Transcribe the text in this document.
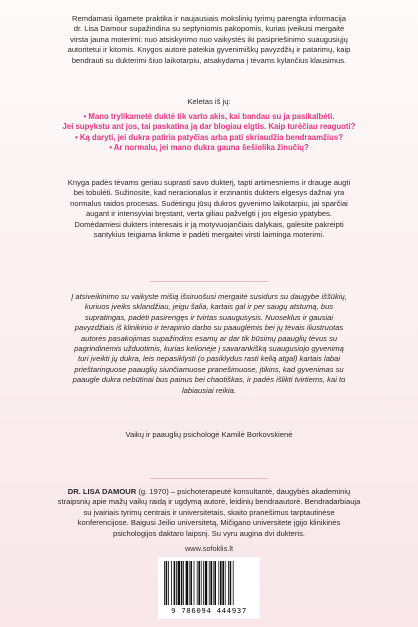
Remdamasi ilgamete praktika ir naujausiais mokslinių tyrimų parengta informacija
dr. Lisa Damour supažindina su septyniomis pakopomis, kurias įveikusi mergaitė
virsta jauna moterimi: nuo atsiskyrimo nuo vaikystės iki pasipriešinimo suaugusiųjų
autoritetui ir kitomis. Knygos autorė pateikia gyvenimiškų pavyzdžių ir patarimų, kaip
bendrauti su dukterimi šiuo laikotarpiu, atsakydama į tėvams kylančius klausimus.
Keletas iš jų:
• Mano trylikametė duktė tik varto akis, kai bandau su ja pasikalbėti.
Jei supykstu ant jos, tai paskatina ją dar blogiau elgtis. Kaip turėčiau reaguoti?
• Ką daryti, jei dukra patiria patyčias arba pati skriaudžia bendraamžius?
• Ar normalu, jei mano dukra gauna šešiolika žinučių?
Knyga padės tėvams geriau suprasti savo dukterį, tapti artimesniems ir drauge augti
bei tobulėti. Sužinosite, kad neracionalus ir erzinantis dukters elgesys dažnai yra
normalus raidos procesas. Sudėtingu jūsų dukros gyvenimo laikotarpiu, jai sparčiai
augant ir intensyviai bręstant, verta giliau pažvelgti į jos elgesio ypatybes.
Domėdamiesi dukters interesais ir ją motyvuojančiais dalykais, galėsite pakreipti
santykius teigiama linkme ir padėti mergaitei virsti laiminga moterimi.
Į atsiveikinimo su vaikyste mišią išsiruošusi mergaitė susidurs su daugybe iššūkių,
kuriuos įveiks sklandžiau, jeigu šalia, kartais gal ir per saugų atstumą, bus
supratingas, padėti pasirengęs ir tvirtas suaugusysis. Nuoseklus ir gausiai
pavyzdžiais iš klinikinio ir terapinio darbo su paauglėmis bei jų tėvais iliustruotas
autorės pasakojimas supažindins esamų ar dar tik būsimų paauglių tėvus su
pagrindinėmis užduotimis, kurias kelionėje į savarankišką suaugusiojo gyvenimą
turi įveikti jų dukra, leis nepasiklysti (o pasiklydus rasti kelią atgal) kartais labai
prieštaringuose paauglių siunčiamuose pranešimuose, įtikins, kad gyvenimas su
paaugle dukra nebūtinai bus painus bei chaotiškas, ir padės išlikti tvirtiems, kai to
labiausiai reikia.
Vaikų ir paauglių psichologė Kamilė Borkovskienė
DR. LISA DAMOUR (g. 1970) – psichoterapeutė konsultantė, daugybės akademinių
straipsnių apie mažų vaikų raidą ir ugdymą autorė, leidinių bendraautorė. Bendradarbiauja
su įvairiais tyrimų centrais ir universitetais, skaito pranešimus tarptautinėse
konferencijose. Baigusi Jeilio universitetą, Mičigano universitete įgijo klinikinės
psichologijos daktaro laipsnį. Su vyru augina dvi dukteris.
www.sofoklis.lt
9 786094 444937
